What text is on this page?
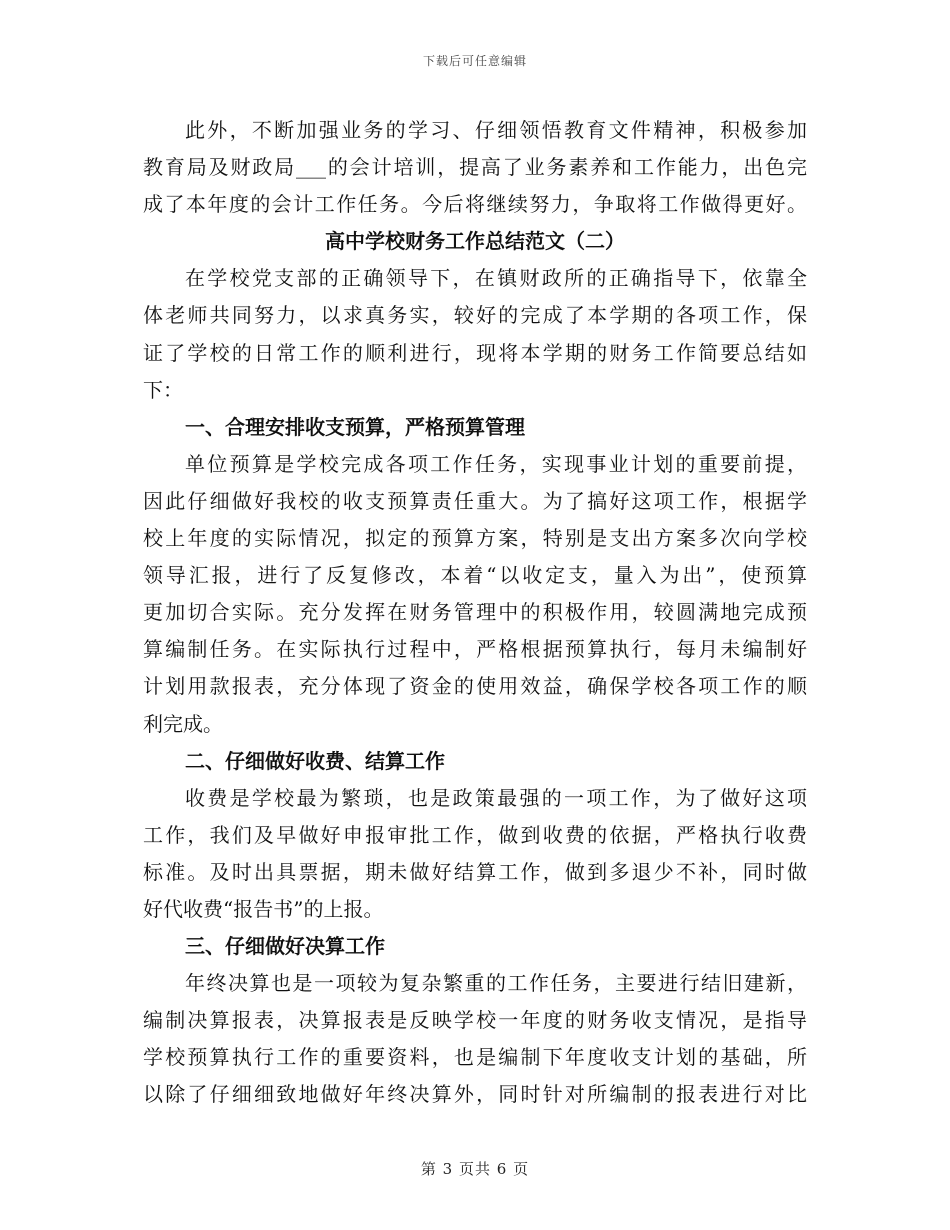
下载后可任意编辑
此外，不断加强业务的学习、仔细领悟教育文件精神，积极参加
教育局及财政局___的会计培训，提高了业务素养和工作能力，出色完
成了本年度的会计工作任务。今后将继续努力，争取将工作做得更好。
高中学校财务工作总结范文（二）
在学校党支部的正确领导下，在镇财政所的正确指导下，依靠全
体老师共同努力，以求真务实，较好的完成了本学期的各项工作，保
证了学校的日常工作的顺利进行，现将本学期的财务工作简要总结如
下：
一、合理安排收支预算，严格预算管理
单位预算是学校完成各项工作任务，实现事业计划的重要前提，
因此仔细做好我校的收支预算责任重大。为了搞好这项工作，根据学
校上年度的实际情况，拟定的预算方案，特别是支出方案多次向学校
领导汇报，进行了反复修改，本着“以收定支，量入为出”，使预算
更加切合实际。充分发挥在财务管理中的积极作用，较圆满地完成预
算编制任务。在实际执行过程中，严格根据预算执行，每月未编制好
计划用款报表，充分体现了资金的使用效益，确保学校各项工作的顺
利完成。
二、仔细做好收费、结算工作
收费是学校最为繁琐，也是政策最强的一项工作，为了做好这项
工作，我们及早做好申报审批工作，做到收费的依据，严格执行收费
标准。及时出具票据，期未做好结算工作，做到多退少不补，同时做
好代收费“报告书”的上报。
三、仔细做好决算工作
年终决算也是一项较为复杂繁重的工作任务，主要进行结旧建新，
编制决算报表，决算报表是反映学校一年度的财务收支情况，是指导
学校预算执行工作的重要资料，也是编制下年度收支计划的基础，所
以除了仔细细致地做好年终决算外，同时针对所编制的报表进行对比
第 3 页共 6 页
